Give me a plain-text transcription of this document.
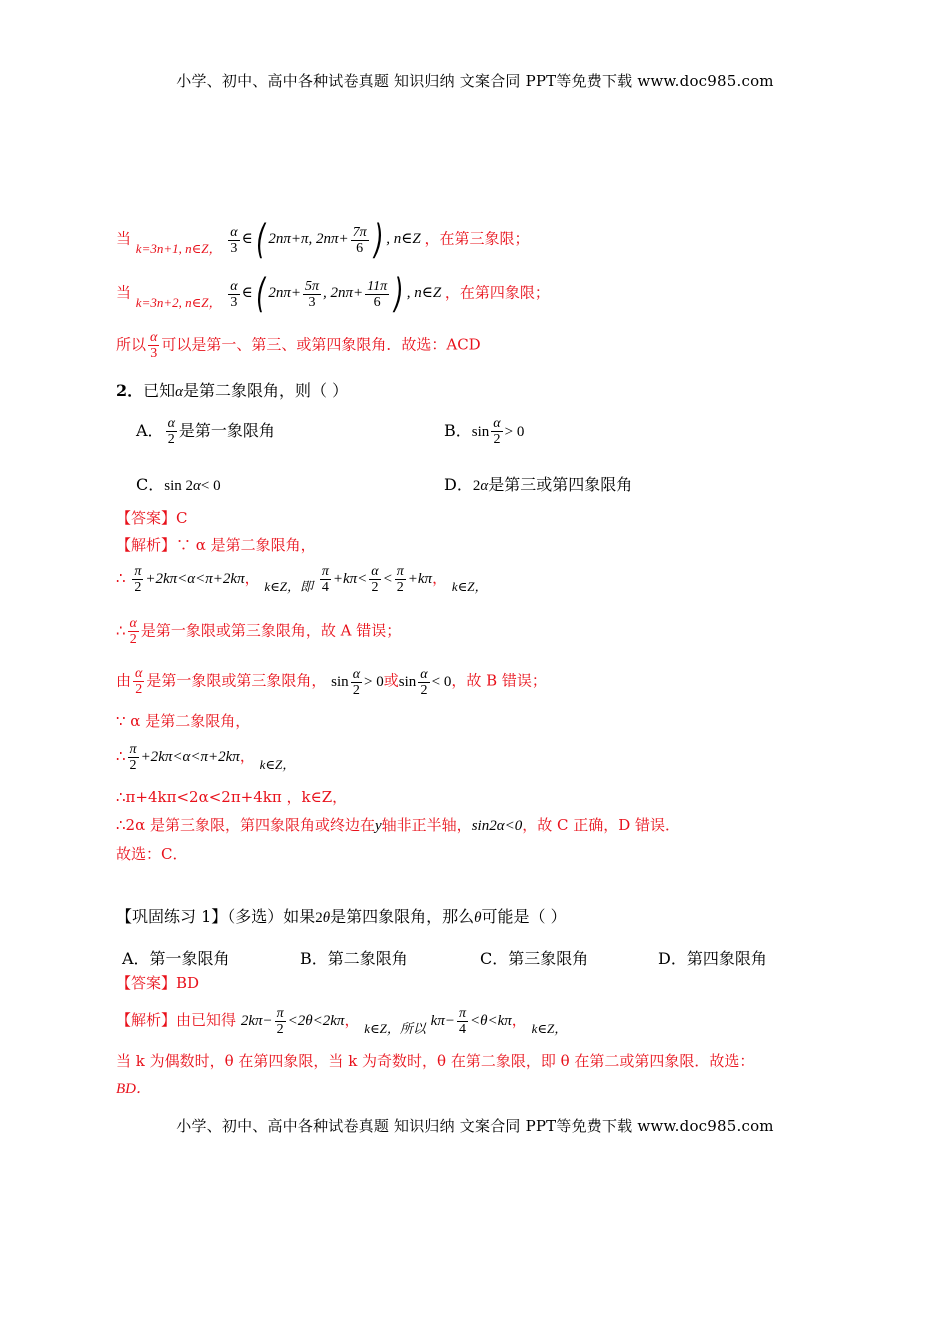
小学、初中、高中各种试卷真题 知识归纳 文案合同 PPT等免费下载 www.doc985.com
当 k=3n+1, n∈Z， $\frac{\alpha}{3}$ ∈( 2nπ+π, $2n\pi+ \frac{7\pi}{6}$ ) , n∈Z ，在第三象限；
当 k=3n+2, n∈Z， $\frac{\alpha}{3}$ ∈( $2n\pi+ \frac{5\pi}{3}$ , $2n\pi+ \frac{11\pi}{6}$ ) , n∈Z ，在第四象限；
所以 $\frac{\alpha}{3}$ 可以是第一、第三、或第四象限角．故选：ACD
2．已知α是第二象限角，则（ ）
A． $\frac{\alpha}{2}$ 是第一象限角	B．$\sin \frac{\alpha}{2} > 0$
C．sin 2α< 0	D．2α是第三或第四象限角
【答案】C
【解析】∵ α 是第二象限角，
∴ $\frac{\pi}{2} +2k\pi<\alpha<\pi+2k\pi$， k∈Z，即 $\frac{\pi}{4} +k\pi< \frac{\alpha}{2} < \frac{\pi}{2} +k\pi$， k∈Z，
∴ $\frac{\alpha}{2}$ 是第一象限或第三象限角，故 A 错误；
由 $\frac{\alpha}{2}$ 是第一象限或第三象限角， $\sin \frac{\alpha}{2} > 0$或$\sin \frac{\alpha}{2} < 0$，故 B 错误；
∵ α 是第二象限角，
∴ $\frac{\pi}{2} +2k\pi<\alpha<\pi+2k\pi$， k∈Z，
∴π+4kπ<2α<2π+4kπ ，k∈Z，
∴2α 是第三象限，第四象限角或终边在y轴非正半轴，sin2α<0，故 C 正确，D 错误．
故选：C．
【巩固练习 1】（多选）如果2θ是第四象限角，那么θ可能是（ ）
A．第一象限角	B．第二象限角	C．第三象限角	D．第四象限角
【答案】BD
【解析】由已知得 $2k\pi- \frac{\pi}{2} <2\theta<2k\pi$， k∈Z，所以 $k\pi- \frac{\pi}{4} <\theta<k\pi$， k∈Z，
当 k 为偶数时，θ 在第四象限，当 k 为奇数时，θ 在第二象限，即 θ 在第二或第四象限．故选：
BD．
小学、初中、高中各种试卷真题 知识归纳 文案合同 PPT等免费下载 www.doc985.com
